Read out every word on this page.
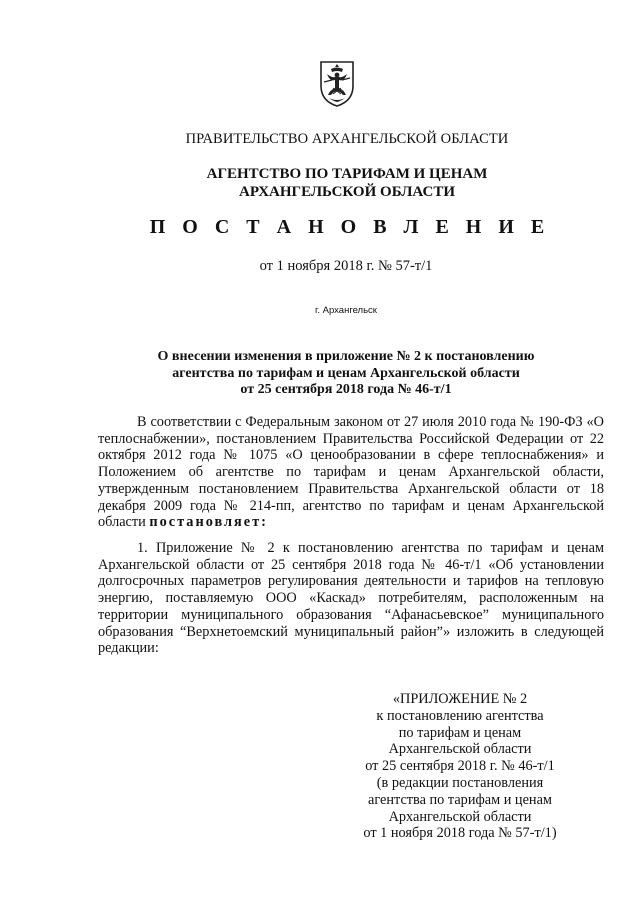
ПРАВИТЕЛЬСТВО АРХАНГЕЛЬСКОЙ ОБЛАСТИ
АГЕНТСТВО ПО ТАРИФАМ И ЦЕНАМ
АРХАНГЕЛЬСКОЙ ОБЛАСТИ
П О С Т А Н О В Л Е Н И Е
от 1 ноября 2018 г. № 57-т/1
г. Архангельск
О внесении изменения в приложение № 2 к постановлению
агентства по тарифам и ценам Архангельской области
от 25 сентября 2018 года № 46-т/1
В соответствии с Федеральным законом от 27 июля 2010 года № 190-ФЗ «О теплоснабжении», постановлением Правительства Российской Федерации от 22 октября 2012 года № 1075 «О ценообразовании в сфере теплоснабжения» и Положением об агентстве по тарифам и ценам Архангельской области, утвержденным постановлением Правительства Архангельской области от 18 декабря 2009 года № 214-пп, агентство по тарифам и ценам Архангельской области постановляет:
1. Приложение № 2 к постановлению агентства по тарифам и ценам Архангельской области от 25 сентября 2018 года № 46-т/1 «Об установлении долгосрочных параметров регулирования деятельности и тарифов на тепловую энергию, поставляемую ООО «Каскад» потребителям, расположенным на территории муниципального образования “Афанасьевское” муниципального образования “Верхнетоемский муниципальный район”» изложить в следующей редакции:
«ПРИЛОЖЕНИЕ № 2
к постановлению агентства
по тарифам и ценам
Архангельской области
от 25 сентября 2018 г. № 46-т/1
(в редакции постановления
агентства по тарифам и ценам
Архангельской области
от 1 ноября 2018 года № 57-т/1)
